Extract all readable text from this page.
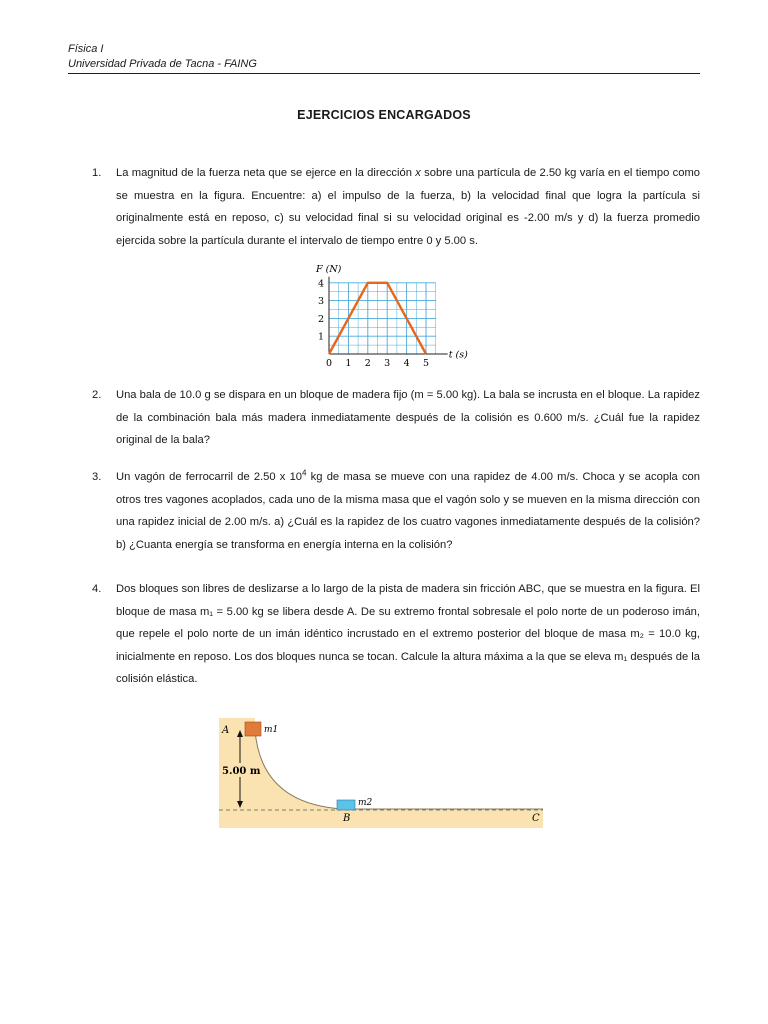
Física I
Universidad Privada de Tacna - FAING
EJERCICIOS ENCARGADOS
1. La magnitud de la fuerza neta que se ejerce en la dirección x sobre una partícula de 2.50 kg varía en el tiempo como se muestra en la figura. Encuentre: a) el impulso de la fuerza, b) la velocidad final que logra la partícula si originalmente está en reposo, c) su velocidad final si su velocidad original es -2.00 m/s y d) la fuerza promedio ejercida sobre la partícula durante el intervalo de tiempo entre 0 y 5.00 s.
0 1 2 3 4 5
1
2
3
4
F (N)
t (s)
2. Una bala de 10.0 g se dispara en un bloque de madera fijo (m = 5.00 kg). La bala se incrusta en el bloque. La rapidez de la combinación bala más madera inmediatamente después de la colisión es 0.600 m/s. ¿Cuál fue la rapidez original de la bala?
3. Un vagón de ferrocarril de 2.50 x $10^4$ kg de masa se mueve con una rapidez de 4.00 m/s. Choca y se acopla con otros tres vagones acoplados, cada uno de la misma masa que el vagón solo y se mueven en la misma dirección con una rapidez inicial de 2.00 m/s. a) ¿Cuál es la rapidez de los cuatro vagones inmediatamente después de la colisión? b) ¿Cuanta energía se transforma en energía interna en la colisión?
4. Dos bloques son libres de deslizarse a lo largo de la pista de madera sin fricción ABC, que se muestra en la figura. El bloque de masa m₁ = 5.00 kg se libera desde A. De su extremo frontal sobresale el polo norte de un poderoso imán, que repele el polo norte de un imán idéntico incrustado en el extremo posterior del bloque de masa m₂ = 10.0 kg, inicialmente en reposo. Los dos bloques nunca se tocan. Calcule la altura máxima a la que se eleva m₁ después de la colisión elástica.
5.00 m
A
B	C
m1
m2
